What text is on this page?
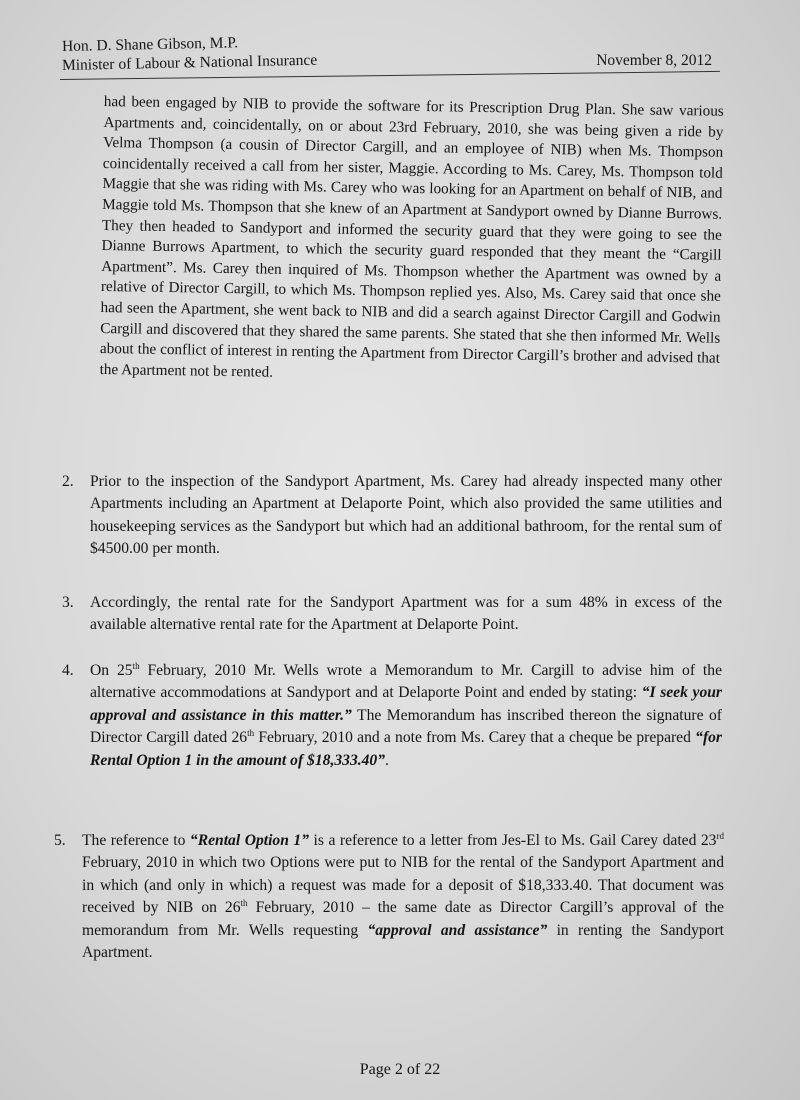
Hon. D. Shane Gibson, M.P.
Minister of Labour & National Insurance	November 8, 2012

had been engaged by NIB to provide the software for its Prescription Drug Plan. She saw various Apartments and, coincidentally, on or about 23rd February, 2010, she was being given a ride by Velma Thompson (a cousin of Director Cargill, and an employee of NIB) when Ms. Thompson coincidentally received a call from her sister, Maggie. According to Ms. Carey, Ms. Thompson told Maggie that she was riding with Ms. Carey who was looking for an Apartment on behalf of NIB, and Maggie told Ms. Thompson that she knew of an Apartment at Sandyport owned by Dianne Burrows. They then headed to Sandyport and informed the security guard that they were going to see the Dianne Burrows Apartment, to which the security guard responded that they meant the “Cargill Apartment”. Ms. Carey then inquired of Ms. Thompson whether the Apartment was owned by a relative of Director Cargill, to which Ms. Thompson replied yes. Also, Ms. Carey said that once she had seen the Apartment, she went back to NIB and did a search against Director Cargill and Godwin Cargill and discovered that they shared the same parents. She stated that she then informed Mr. Wells about the conflict of interest in renting the Apartment from Director Cargill’s brother and advised that the Apartment not be rented.

2.	Prior to the inspection of the Sandyport Apartment, Ms. Carey had already inspected many other Apartments including an Apartment at Delaporte Point, which also provided the same utilities and housekeeping services as the Sandyport but which had an additional bathroom, for the rental sum of $4500.00 per month.
3.	Accordingly, the rental rate for the Sandyport Apartment was for a sum 48% in excess of the available alternative rental rate for the Apartment at Delaporte Point.
4.	On 25th February, 2010 Mr. Wells wrote a Memorandum to Mr. Cargill to advise him of the alternative accommodations at Sandyport and at Delaporte Point and ended by stating: “I seek your approval and assistance in this matter.” The Memorandum has inscribed thereon the signature of Director Cargill dated 26th February, 2010 and a note from Ms. Carey that a cheque be prepared “for Rental Option 1 in the amount of $18,333.40”.
5.	The reference to “Rental Option 1” is a reference to a letter from Jes-El to Ms. Gail Carey dated 23rd February, 2010 in which two Options were put to NIB for the rental of the Sandyport Apartment and in which (and only in which) a request was made for a deposit of $18,333.40. That document was received by NIB on 26th February, 2010 – the same date as Director Cargill’s approval of the memorandum from Mr. Wells requesting “approval and assistance” in renting the Sandyport Apartment.
Page 2 of 22
